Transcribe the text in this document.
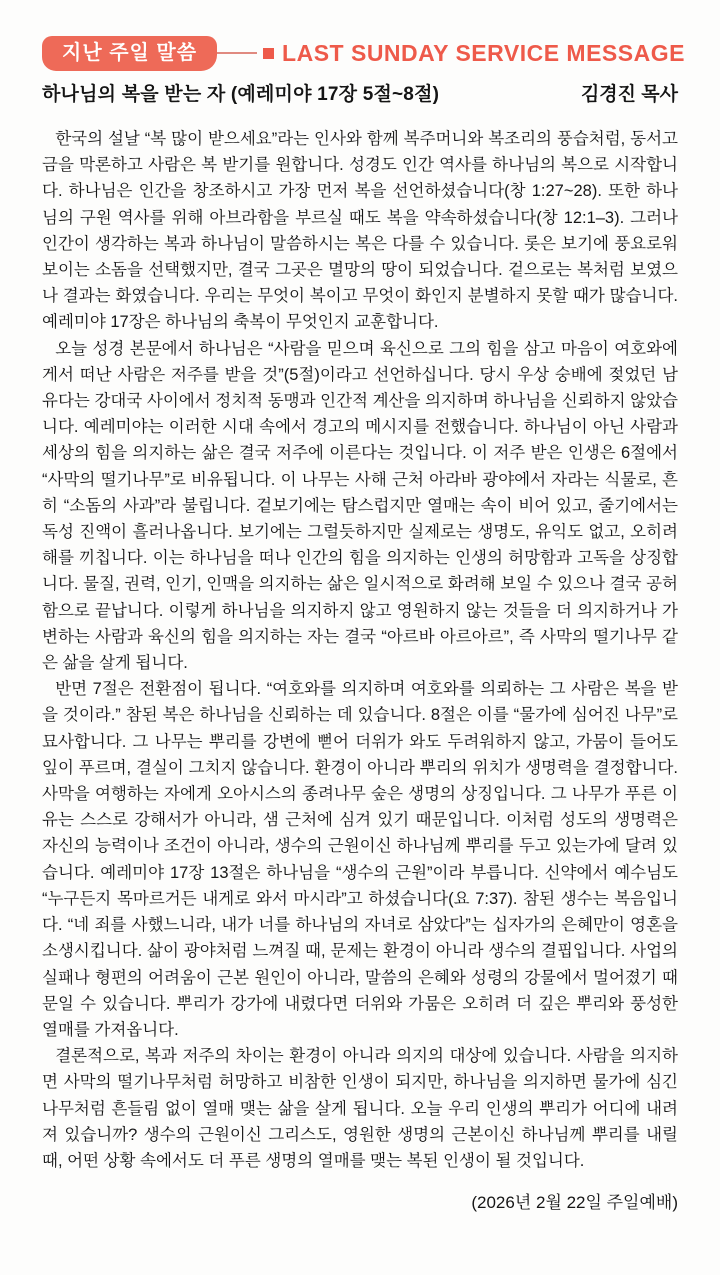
지난 주일 말씀	LAST SUNDAY SERVICE MESSAGE
하나님의 복을 받는 자 (예레미야 17장 5절~8절)	김경진 목사

한국의 설날 “복 많이 받으세요”라는 인사와 함께 복주머니와 복조리의 풍습처럼, 동서고금을 막론하고 사람은 복 받기를 원합니다. 성경도 인간 역사를 하나님의 복으로 시작합니다. 하나님은 인간을 창조하시고 가장 먼저 복을 선언하셨습니다(창 1:27~28). 또한 하나님의 구원 역사를 위해 아브라함을 부르실 때도 복을 약속하셨습니다(창 12:1–3). 그러나 인간이 생각하는 복과 하나님이 말씀하시는 복은 다를 수 있습니다. 롯은 보기에 풍요로워 보이는 소돔을 선택했지만, 결국 그곳은 멸망의 땅이 되었습니다. 겉으로는 복처럼 보였으나 결과는 화였습니다. 우리는 무엇이 복이고 무엇이 화인지 분별하지 못할 때가 많습니다. 예레미야 17장은 하나님의 축복이 무엇인지 교훈합니다.

오늘 성경 본문에서 하나님은 “사람을 믿으며 육신으로 그의 힘을 삼고 마음이 여호와에게서 떠난 사람은 저주를 받을 것”(5절)이라고 선언하십니다. 당시 우상 숭배에 젖었던 남유다는 강대국 사이에서 정치적 동맹과 인간적 계산을 의지하며 하나님을 신뢰하지 않았습니다. 예레미야는 이러한 시대 속에서 경고의 메시지를 전했습니다. 하나님이 아닌 사람과 세상의 힘을 의지하는 삶은 결국 저주에 이른다는 것입니다. 이 저주 받은 인생은 6절에서 “사막의 떨기나무”로 비유됩니다. 이 나무는 사해 근처 아라바 광야에서 자라는 식물로, 흔히 “소돔의 사과”라 불립니다. 겉보기에는 탐스럽지만 열매는 속이 비어 있고, 줄기에서는 독성 진액이 흘러나옵니다. 보기에는 그럴듯하지만 실제로는 생명도, 유익도 없고, 오히려 해를 끼칩니다. 이는 하나님을 떠나 인간의 힘을 의지하는 인생의 허망함과 고독을 상징합니다. 물질, 권력, 인기, 인맥을 의지하는 삶은 일시적으로 화려해 보일 수 있으나 결국 공허함으로 끝납니다. 이렇게 하나님을 의지하지 않고 영원하지 않는 것들을 더 의지하거나 가변하는 사람과 육신의 힘을 의지하는 자는 결국 “아르바 아르아르”, 즉 사막의 떨기나무 같은 삶을 살게 됩니다.

반면 7절은 전환점이 됩니다. “여호와를 의지하며 여호와를 의뢰하는 그 사람은 복을 받을 것이라.” 참된 복은 하나님을 신뢰하는 데 있습니다. 8절은 이를 “물가에 심어진 나무”로 묘사합니다. 그 나무는 뿌리를 강변에 뻗어 더위가 와도 두려워하지 않고, 가뭄이 들어도 잎이 푸르며, 결실이 그치지 않습니다. 환경이 아니라 뿌리의 위치가 생명력을 결정합니다. 사막을 여행하는 자에게 오아시스의 종려나무 숲은 생명의 상징입니다. 그 나무가 푸른 이유는 스스로 강해서가 아니라, 샘 근처에 심겨 있기 때문입니다. 이처럼 성도의 생명력은 자신의 능력이나 조건이 아니라, 생수의 근원이신 하나님께 뿌리를 두고 있는가에 달려 있습니다. 예레미야 17장 13절은 하나님을 “생수의 근원”이라 부릅니다. 신약에서 예수님도 “누구든지 목마르거든 내게로 와서 마시라”고 하셨습니다(요 7:37). 참된 생수는 복음입니다. “네 죄를 사했느니라, 내가 너를 하나님의 자녀로 삼았다”는 십자가의 은혜만이 영혼을 소생시킵니다. 삶이 광야처럼 느껴질 때, 문제는 환경이 아니라 생수의 결핍입니다. 사업의 실패나 형편의 어려움이 근본 원인이 아니라, 말씀의 은혜와 성령의 강물에서 멀어졌기 때문일 수 있습니다. 뿌리가 강가에 내렸다면 더위와 가뭄은 오히려 더 깊은 뿌리와 풍성한 열매를 가져옵니다.

결론적으로, 복과 저주의 차이는 환경이 아니라 의지의 대상에 있습니다. 사람을 의지하면 사막의 떨기나무처럼 허망하고 비참한 인생이 되지만, 하나님을 의지하면 물가에 심긴 나무처럼 흔들림 없이 열매 맺는 삶을 살게 됩니다. 오늘 우리 인생의 뿌리가 어디에 내려져 있습니까? 생수의 근원이신 그리스도, 영원한 생명의 근본이신 하나님께 뿌리를 내릴 때, 어떤 상황 속에서도 더 푸른 생명의 열매를 맺는 복된 인생이 될 것입니다.

(2026년 2월 22일 주일예배)
